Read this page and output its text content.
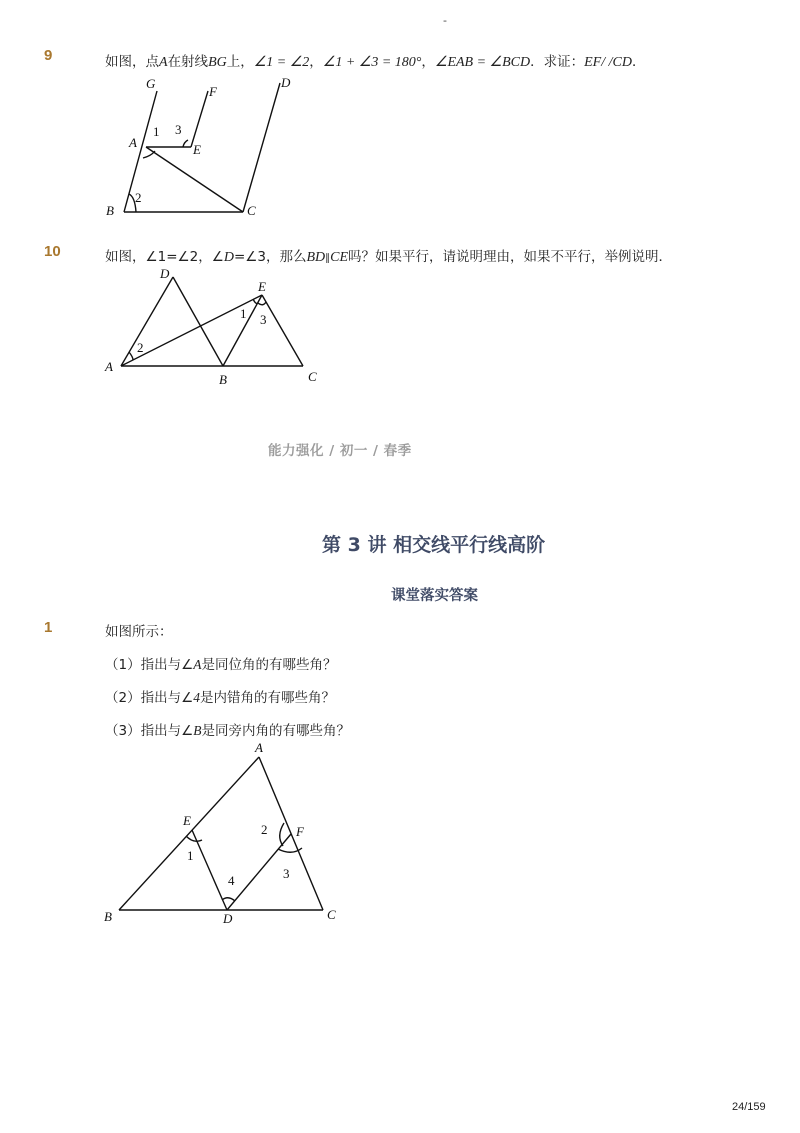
-
9	如图，点A在射线BG上，∠1 = ∠2，∠1 + ∠3 = 180°，∠EAB = ∠BCD．求证：EF/ /CD．
G
F
D
A	E
B	C
1
2
3
10	如图，∠1=∠2，∠D=∠3，那么BD∥CE吗？如果平行，请说明理由，如果不平行，举例说明．
D
E
A
B	C
1
2
3
能力强化 / 初一 / 春季
第 3 讲 相交线平行线高阶
课堂落实答案
1	如图所示：
（1）指出与∠A是同位角的有哪些角？
（2）指出与∠4是内错角的有哪些角？
（3）指出与∠B是同旁内角的有哪些角？
A
E
F
B	D	C
1
2
3
4
24/159
